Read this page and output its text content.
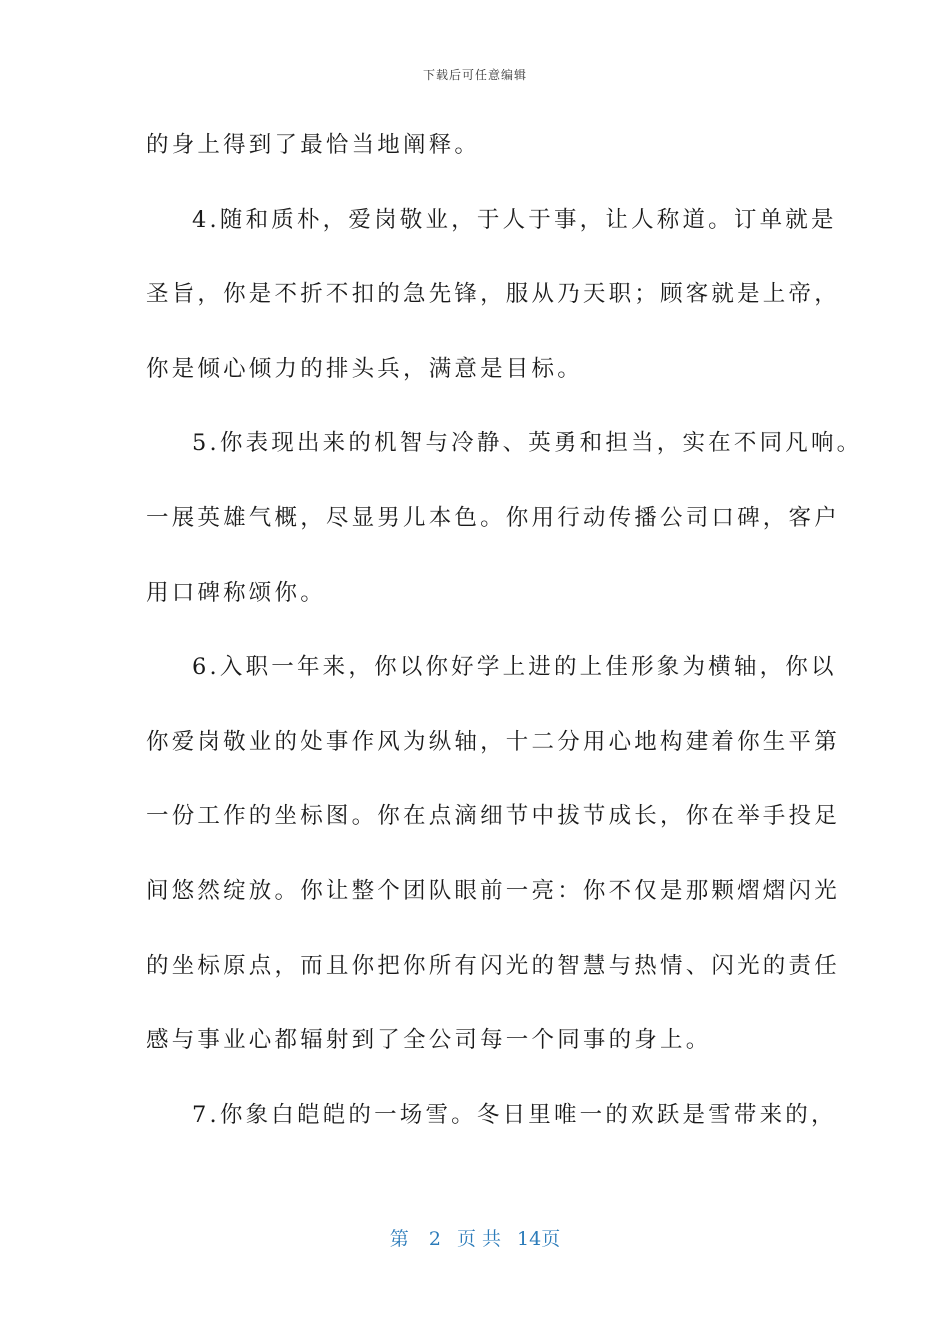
下载后可任意编辑
的身上得到了最恰当地阐释。
4.随和质朴，爱岗敬业，于人于事，让人称道。订单就是
圣旨，你是不折不扣的急先锋，服从乃天职；顾客就是上帝，
你是倾心倾力的排头兵，满意是目标。
5.你表现出来的机智与冷静、英勇和担当，实在不同凡响。
一展英雄气概，尽显男儿本色。你用行动传播公司口碑，客户
用口碑称颂你。
6.入职一年来，你以你好学上进的上佳形象为横轴，你以
你爱岗敬业的处事作风为纵轴，十二分用心地构建着你生平第
一份工作的坐标图。你在点滴细节中拔节成长，你在举手投足
间悠然绽放。你让整个团队眼前一亮：你不仅是那颗熠熠闪光
的坐标原点，而且你把你所有闪光的智慧与热情、闪光的责任
感与事业心都辐射到了全公司每一个同事的身上。
7.你象白皑皑的一场雪。冬日里唯一的欢跃是雪带来的，
第 2 页 共 14页
